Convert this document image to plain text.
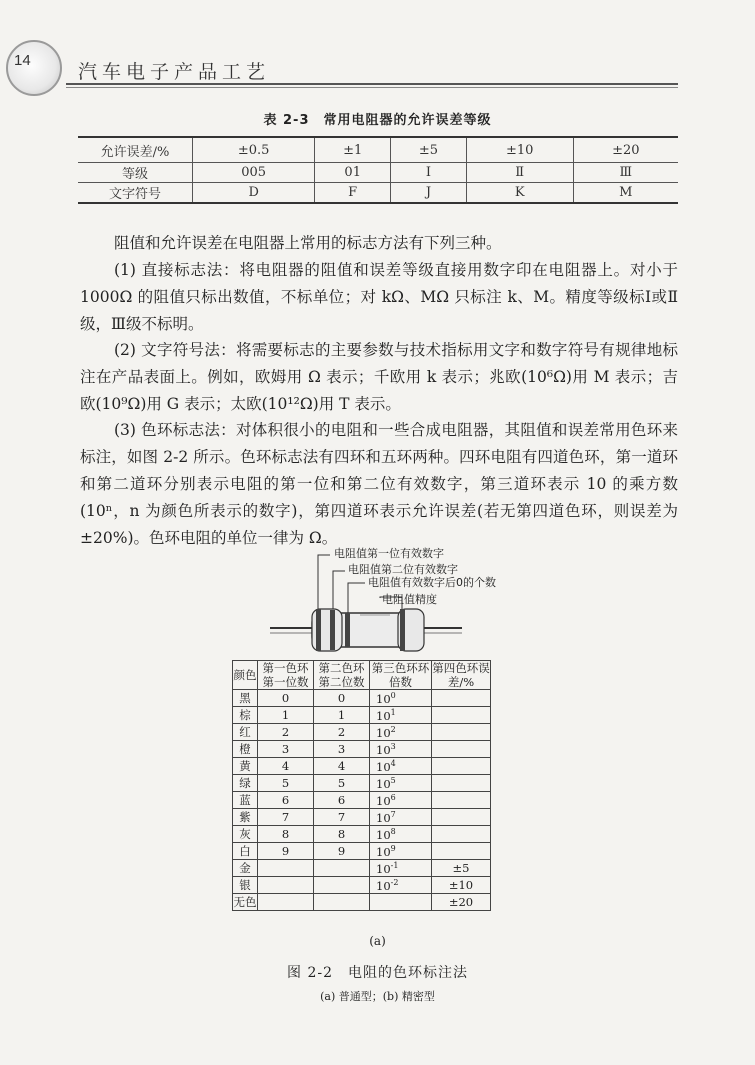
14
汽车电子产品工艺
表 2-3　常用电阻器的允许误差等级
允许误差/%	±0.5	±1	±5	±10	±20
等级	005	01	Ⅰ	Ⅱ	Ⅲ
文字符号	D	F	J	K	M
阻值和允许误差在电阻器上常用的标志方法有下列三种。
(1) 直接标志法：将电阻器的阻值和误差等级直接用数字印在电阻器上。对小于 1000Ω 的阻值只标出数值，不标单位；对 kΩ、MΩ 只标注 k、M。精度等级标Ⅰ或Ⅱ级，Ⅲ级不标明。
(2) 文字符号法：将需要标志的主要参数与技术指标用文字和数字符号有规律地标注在产品表面上。例如，欧姆用 Ω 表示；千欧用 k 表示；兆欧(10⁶Ω)用 M 表示；吉欧(10⁹Ω)用 G 表示；太欧(10¹²Ω)用 T 表示。
(3) 色环标志法：对体积很小的电阻和一些合成电阻器，其阻值和误差常用色环来标注，如图 2-2 所示。色环标志法有四环和五环两种。四环电阻有四道色环，第一道环和第二道环分别表示电阻的第一位和第二位有效数字，第三道环表示 10 的乘方数(10ⁿ，n 为颜色所表示的数字)，第四道环表示允许误差(若无第四道色环，则误差为±20%)。色环电阻的单位一律为 Ω。
电阻值第一位有效数字
电阻值第二位有效数字
电阻值有效数字后0的个数
电阻值精度
颜色	第一色环第一位数	第二色环第二位数	第三色环环倍数	第四色环误差/%
黑	0	0	$10^0$	
棕	1	1	$10^1$	
红	2	2	$10^2$	
橙	3	3	$10^3$	
黄	4	4	$10^4$	
绿	5	5	$10^5$	
蓝	6	6	$10^6$	
紫	7	7	$10^7$	
灰	8	8	$10^8$	
白	9	9	$10^9$	
金			$10^{-1}$	±5
银			$10^{-2}$	±10
无色				±20
(a)
图 2-2　电阻的色环标注法
(a) 普通型；(b) 精密型
